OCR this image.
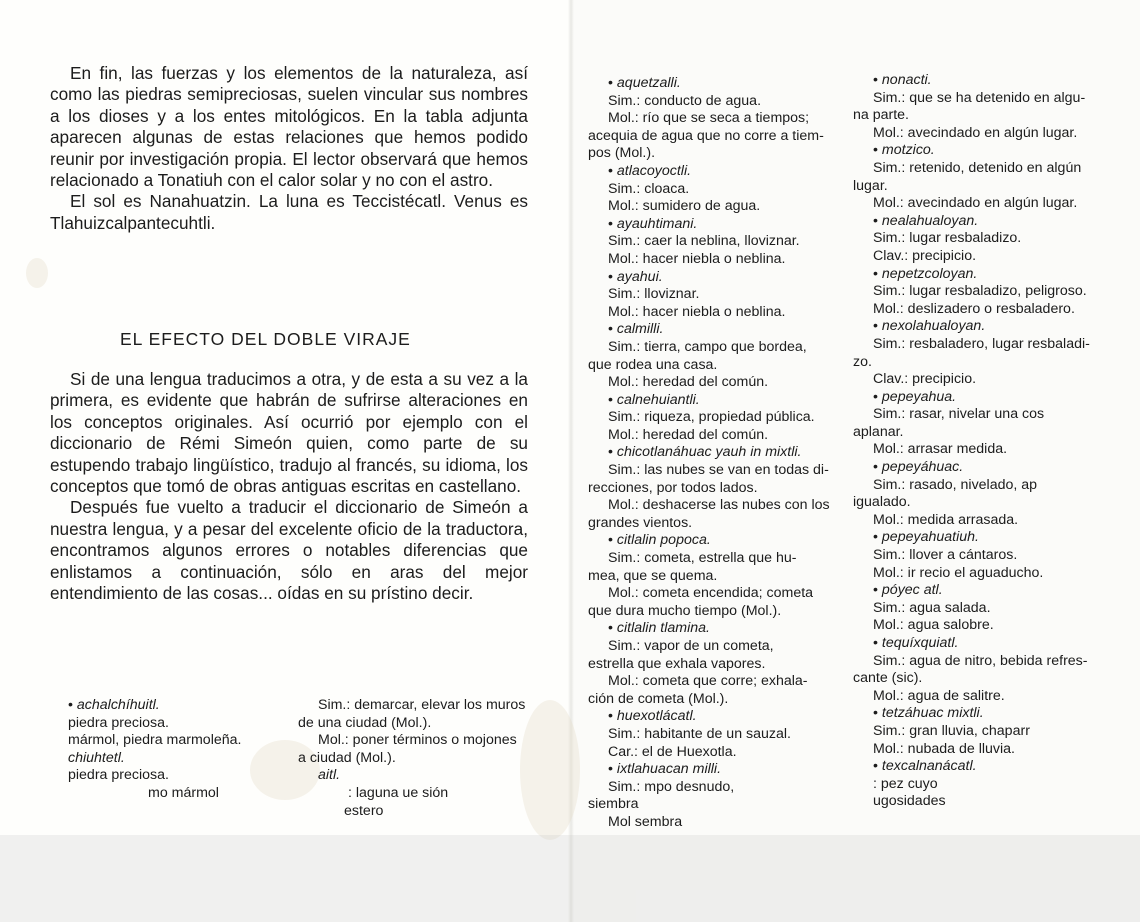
En fin, las fuerzas y los elementos de la naturaleza, así como las piedras semipreciosas, suelen vincular sus nombres a los dioses y a los entes mitológicos. En la tabla adjunta aparecen algunas de estas relaciones que hemos podido reunir por investigación propia. El lector observará que hemos relacionado a Tonatiuh con el calor solar y no con el astro.

El sol es Nanahuatzin. La luna es Teccistécatl. Venus es Tlahuizcalpantecuhtli.

EL EFECTO DEL DOBLE VIRAJE

Si de una lengua traducimos a otra, y de esta a su vez a la primera, es evidente que habrán de sufrirse alteraciones en los conceptos originales. Así ocurrió por ejemplo con el diccionario de Rémi Simeón quien, como parte de su estupendo trabajo lingüístico, tradujo al francés, su idioma, los conceptos que tomó de obras antiguas escritas en castellano.

Después fue vuelto a traducir el diccionario de Simeón a nuestra lengua, y a pesar del excelente oficio de la traductora, encontramos algunos errores o notables diferencias que enlistamos a continuación, sólo en aras del mejor entendimiento de las cosas... oídas en su prístino decir.

• achalchíhuitl.
piedra preciosa.
mármol, piedra marmoleña.
chiuhtetl.
piedra preciosa.
mo mármol
Sim.: demarcar, elevar los muros
de una ciudad (Mol.).
Mol.: poner términos o mojones
a ciudad (Mol.).
aitl.
: laguna ue sión
estero
• aquetzalli.
Sim.: conducto de agua.
Mol.: río que se seca a tiempos;
acequia de agua que no corre a tiem-
pos (Mol.).
• atlacoyoctli.
Sim.: cloaca.
Mol.: sumidero de agua.
• ayauhtimani.
Sim.: caer la neblina, lloviznar.
Mol.: hacer niebla o neblina.
• ayahui.
Sim.: lloviznar.
Mol.: hacer niebla o neblina.
• calmilli.
Sim.: tierra, campo que bordea,
que rodea una casa.
Mol.: heredad del común.
• calnehuiantli.
Sim.: riqueza, propiedad pública.
Mol.: heredad del común.
• chicotlanáhuac yauh in mixtli.
Sim.: las nubes se van en todas di-
recciones, por todos lados.
Mol.: deshacerse las nubes con los
grandes vientos.
• citlalin popoca.
Sim.: cometa, estrella que hu-
mea, que se quema.
Mol.: cometa encendida; cometa
que dura mucho tiempo (Mol.).
• citlalin tlamina.
Sim.: vapor de un cometa,
estrella que exhala vapores.
Mol.: cometa que corre; exhala-
ción de cometa (Mol.).
• huexotlácatl.
Sim.: habitante de un sauzal.
Car.: el de Huexotla.
• ixtlahuacan milli.
Sim.: mpo desnudo,
siembra
Mol sembra
• nonacti.
Sim.: que se ha detenido en algu-
na parte.
Mol.: avecindado en algún lugar.
• motzico.
Sim.: retenido, detenido en algún
lugar.
Mol.: avecindado en algún lugar.
• nealahualoyan.
Sim.: lugar resbaladizo.
Clav.: precipicio.
• nepetzcoloyan.
Sim.: lugar resbaladizo, peligroso.
Mol.: deslizadero o resbaladero.
• nexolahualoyan.
Sim.: resbaladero, lugar resbaladi-
zo.
Clav.: precipicio.
• pepeyahua.
Sim.: rasar, nivelar una cos
aplanar.
Mol.: arrasar medida.
• pepeyáhuac.
Sim.: rasado, nivelado, ap
igualado.
Mol.: medida arrasada.
• pepeyahuatiuh.
Sim.: llover a cántaros.
Mol.: ir recio el aguaducho.
• póyec atl.
Sim.: agua salada.
Mol.: agua salobre.
• tequíxquiatl.
Sim.: agua de nitro, bebida refres-
cante (sic).
Mol.: agua de salitre.
• tetzáhuac mixtli.
Sim.: gran lluvia, chaparr
Mol.: nubada de lluvia.
• texcalnanácatl.
: pez cuyo
ugosidades
